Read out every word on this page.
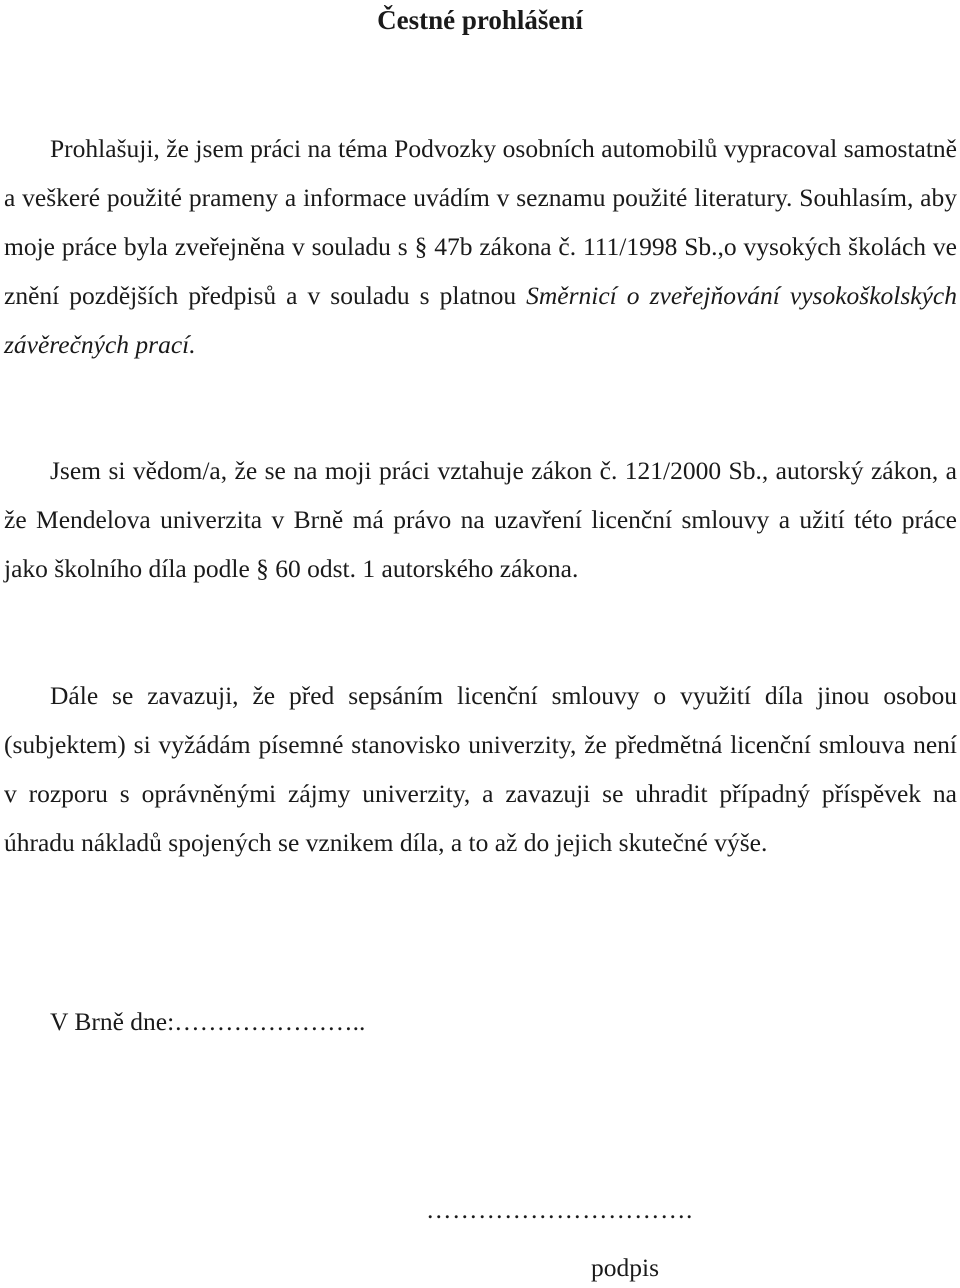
Čestné prohlášení

Prohlašuji, že jsem práci na téma Podvozky osobních automobilů vypracoval samostatně a veškeré použité prameny a informace uvádím v seznamu použité literatury. Souhlasím, aby moje práce byla zveřejněna v souladu s § 47b zákona č. 111/1998 Sb.,o vysokých školách ve znění pozdějších předpisů a v souladu s platnou Směrnicí o zveřejňování vysokoškolských závěrečných prací.

Jsem si vědom/a, že se na moji práci vztahuje zákon č. 121/2000 Sb., autorský zákon, a že Mendelova univerzita v Brně má právo na uzavření licenční smlouvy a užití této práce jako školního díla podle § 60 odst. 1 autorského zákona.

Dále se zavazuji, že před sepsáním licenční smlouvy o využití díla jinou osobou (subjektem) si vyžádám písemné stanovisko univerzity, že předmětná licenční smlouva není v rozporu s oprávněnými zájmy univerzity, a zavazuji se uhradit případný příspěvek na úhradu nákladů spojených se vznikem díla, a to až do jejich skutečné výše.

V Brně dne:…………………..

………………………….

podpis
